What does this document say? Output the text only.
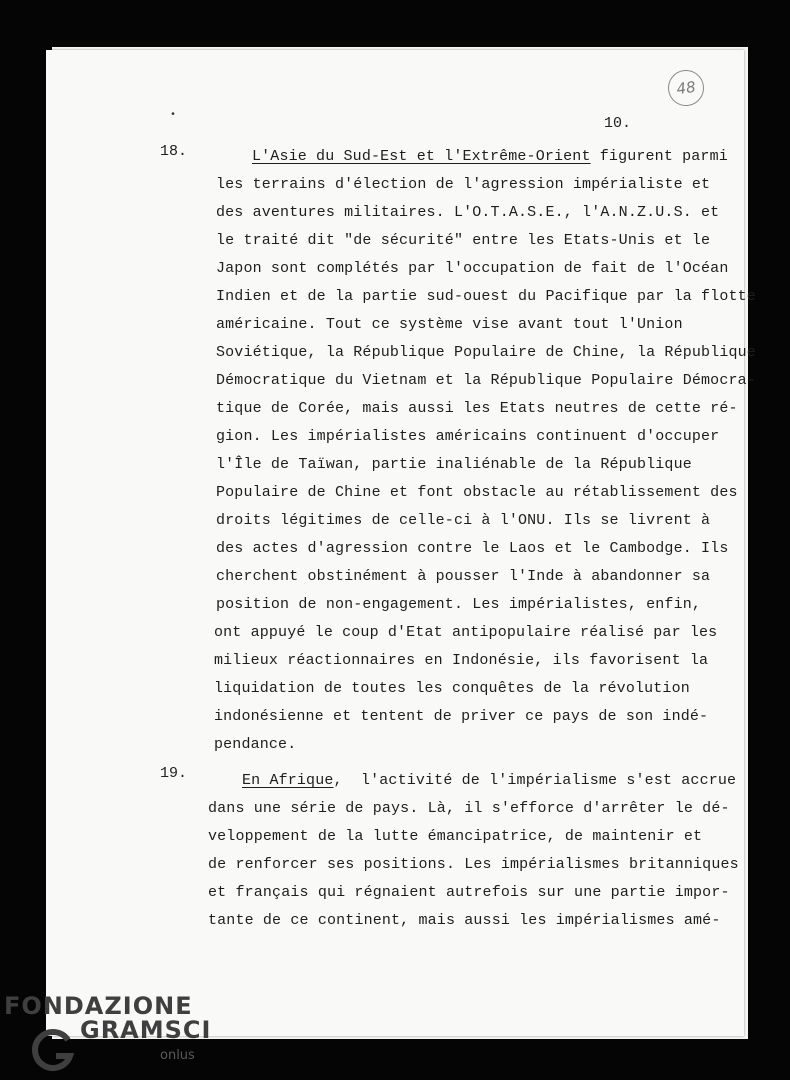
48
•	10.
18.	L'Asie du Sud-Est et l'Extrême-Orient figurent parmi
les terrains d'élection de l'agression impérialiste et
des aventures militaires. L'O.T.A.S.E., l'A.N.Z.U.S. et
le traité dit "de sécurité" entre les Etats-Unis et le
Japon sont complétés par l'occupation de fait de l'Océan
Indien et de la partie sud-ouest du Pacifique par la flotte
américaine. Tout ce système vise avant tout l'Union
Soviétique, la République Populaire de Chine, la République
Démocratique du Vietnam et la République Populaire Démocra-
tique de Corée, mais aussi les Etats neutres de cette ré-
gion. Les impérialistes américains continuent d'occuper
l'Île de Taïwan, partie inaliénable de la République
Populaire de Chine et font obstacle au rétablissement des
droits légitimes de celle-ci à l'ONU. Ils se livrent à
des actes d'agression contre le Laos et le Cambodge. Ils
cherchent obstinément à pousser l'Inde à abandonner sa
position de non-engagement. Les impérialistes, enfin,
ont appuyé le coup d'Etat antipopulaire réalisé par les
milieux réactionnaires en Indonésie, ils favorisent la
liquidation de toutes les conquêtes de la révolution
indonésienne et tentent de priver ce pays de son indé-
pendance.
19.	En Afrique,  l'activité de l'impérialisme s'est accrue
dans une série de pays. Là, il s'efforce d'arrêter le dé-
veloppement de la lutte émancipatrice, de maintenir et
de renforcer ses positions. Les impérialismes britanniques
et français qui régnaient autrefois sur une partie impor-
tante de ce continent, mais aussi les impérialismes amé-
FONDAZIONE
GRAMSCI
onlus
